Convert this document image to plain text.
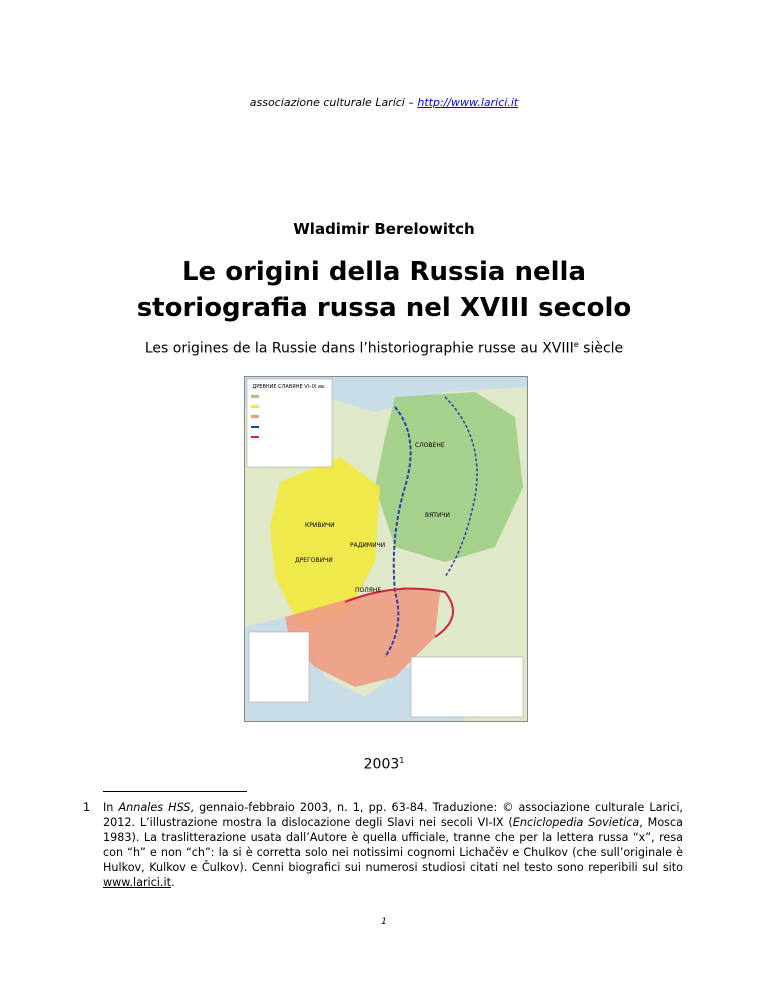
associazione culturale Larici – http://www.larici.it
Wladimir Berelowitch
Le origini della Russia nella
storiografia russa nel XVIII secolo
Les origines de la Russie dans l’historiographie russe au XVIIIe siècle
ДРЕВНИЕ СЛАВЯНЕ VI–IX вв.
КРИВИЧИ
СЛОВЕНЕ
ДРЕГОВИЧИ
ВЯТИЧИ
ПОЛЯНЕ
РАДИМИЧИ
2003$^1$
1 In Annales HSS, gennaio-febbraio 2003, n. 1, pp. 63-84. Traduzione: © associazione culturale Larici, 2012. L’illustrazione mostra la dislocazione degli Slavi nei secoli VI-IX (Enciclopedia Sovietica, Mosca 1983). La traslitterazione usata dall’Autore è quella ufficiale, tranne che per la lettera russa “х”, resa con “h” e non “ch”: la si è corretta solo nei notissimi cognomi Lichačëv e Chulkov (che sull’originale è Hulkov, Kulkov e Čulkov). Cenni biografici sui numerosi studiosi citati nel testo sono reperibili sul sito www.larici.it.
1
